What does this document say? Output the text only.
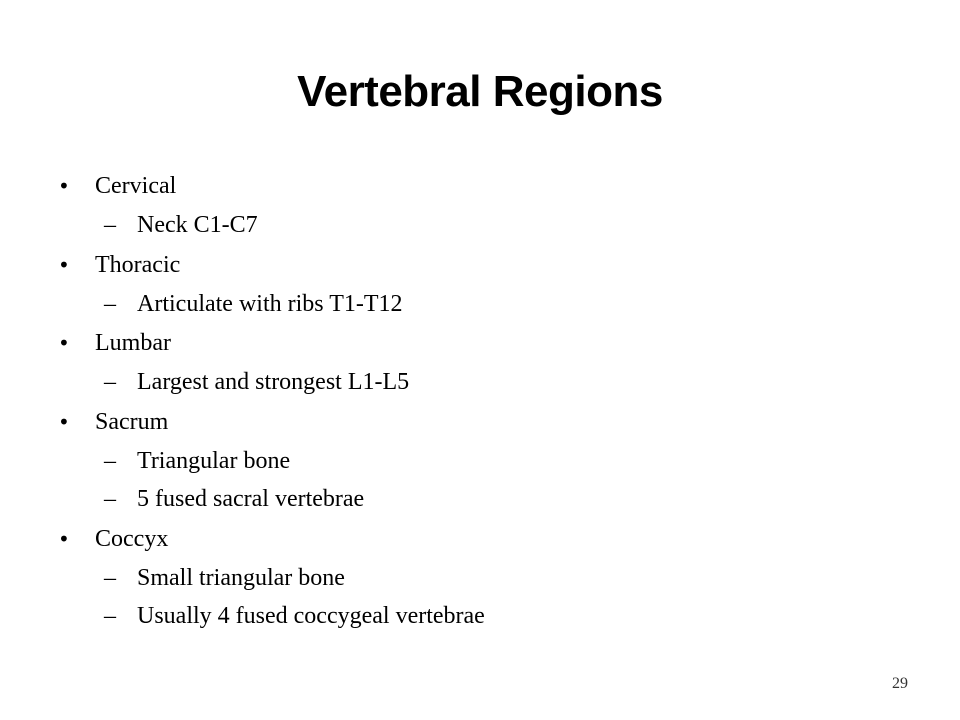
Vertebral Regions
•	Cervical
– Neck C1-C7
•	Thoracic
– Articulate with ribs T1-T12
•	Lumbar
– Largest and strongest L1-L5
•	Sacrum
– Triangular bone
– 5 fused sacral vertebrae
•	Coccyx
– Small triangular bone
– Usually 4 fused coccygeal vertebrae
29
